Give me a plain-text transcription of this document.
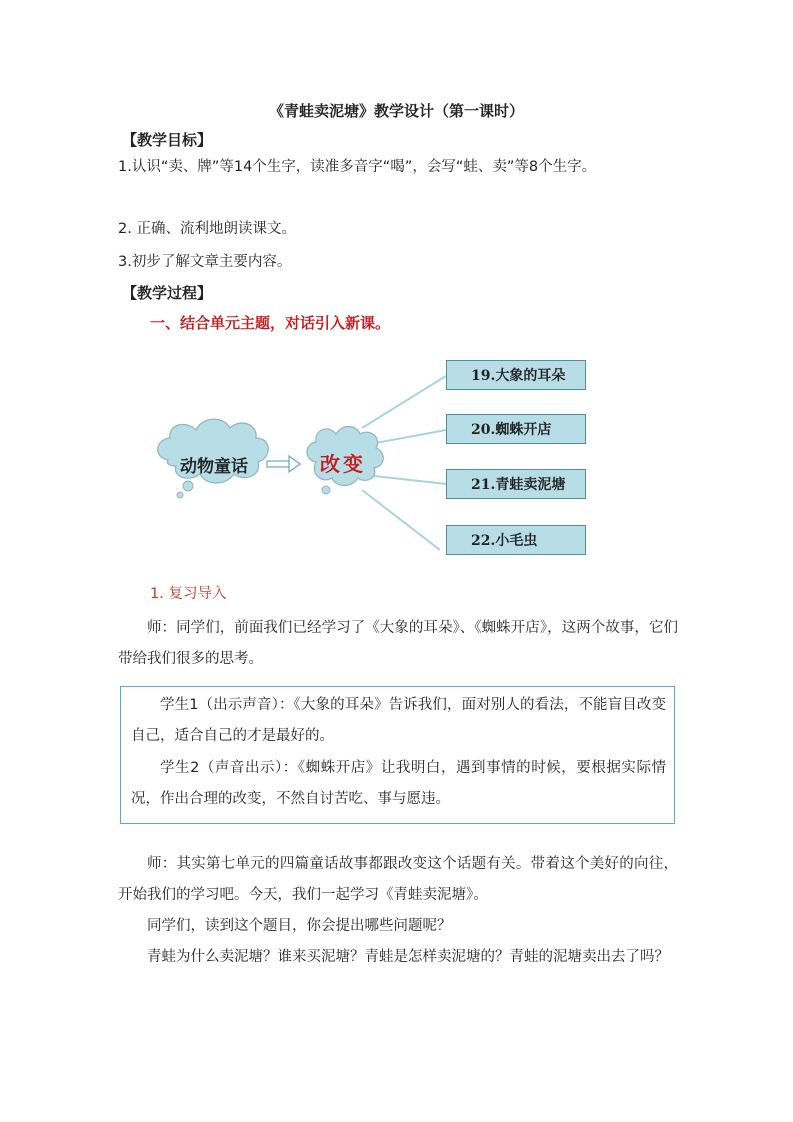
《青蛙卖泥塘》教学设计（第一课时）
【教学目标】
1.认识“卖、牌”等14个生字，读准多音字“喝”，会写“蛙、卖”等8个生字。
2. 正确、流利地朗读课文。
3.初步了解文章主要内容。
【教学过程】
一、结合单元主题，对话引入新课。
动物童话	改变
19.大象的耳朵
20.蜘蛛开店
21.青蛙卖泥塘
22.小毛虫
1. 复习导入
师：同学们，前面我们已经学习了《大象的耳朵》、《蜘蛛开店》，这两个故事，它们带给我们很多的思考。
学生1（出示声音）：《大象的耳朵》告诉我们，面对别人的看法，不能盲目改变自己，适合自己的才是最好的。
学生2（声音出示）：《蜘蛛开店》让我明白，遇到事情的时候，要根据实际情况，作出合理的改变，不然自讨苦吃、事与愿违。
师：其实第七单元的四篇童话故事都跟改变这个话题有关。带着这个美好的向往，开始我们的学习吧。今天，我们一起学习《青蛙卖泥塘》。
同学们，读到这个题目，你会提出哪些问题呢？
青蛙为什么卖泥塘？谁来买泥塘？青蛙是怎样卖泥塘的？青蛙的泥塘卖出去了吗？
